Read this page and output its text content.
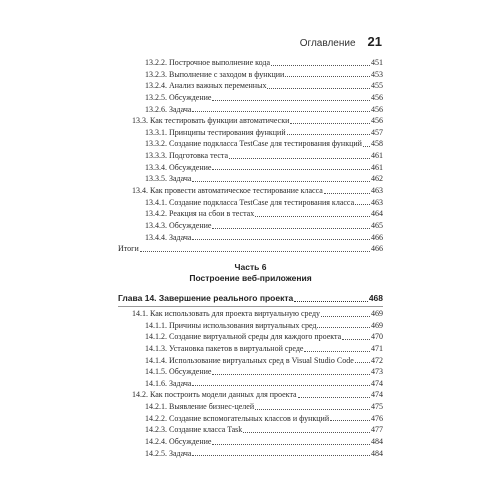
Оглавление 21
13.2.2. Построчное выполнение кода	451
13.2.3. Выполнение с заходом в функции	453
13.2.4. Анализ важных переменных	455
13.2.5. Обсуждение	456
13.2.6. Задача	456
13.3. Как тестировать функции автоматически	456
13.3.1. Принципы тестирования функций	457
13.3.2. Создание подкласса TestCase для тестирования функций 458
13.3.3. Подготовка теста	461
13.3.4. Обсуждение	461
13.3.5. Задача	462
13.4. Как провести автоматическое тестирование класса	463
13.4.1. Создание подкласса TestCase для тестирования класса 463
13.4.2. Реакция на сбои в тестах	464
13.4.3. Обсуждение	465
13.4.4. Задача	466
Итоги	466
Часть 6
Построение веб-приложения
Глава 14. Завершение реального проекта	468
14.1. Как использовать для проекта виртуальную среду	469
14.1.1. Причины использования виртуальных сред	469
14.1.2. Создание виртуальной среды для каждого проекта	470
14.1.3. Установка пакетов в виртуальной среде	471
14.1.4. Использование виртуальных сред в Visual Studio Code 472
14.1.5. Обсуждение	473
14.1.6. Задача	474
14.2. Как построить модели данных для проекта	474
14.2.1. Выявление бизнес-целей	475
14.2.2. Создание вспомогательных классов и функций	476
14.2.3. Создание класса Task	477
14.2.4. Обсуждение	484
14.2.5. Задача	484
